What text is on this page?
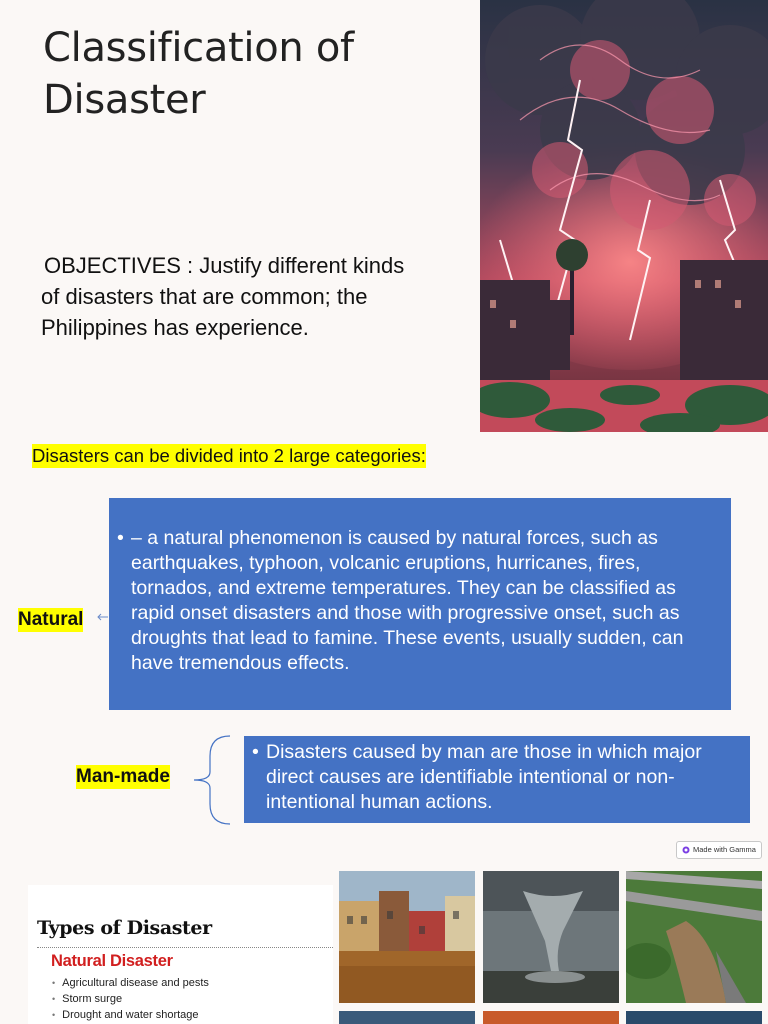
Classification of Disaster
OBJECTIVES : Justify different kinds
of disasters that are common; the
Philippines has experience.
Disasters can be divided into 2 large categories:
Natural
• – a natural phenomenon is caused by natural forces, such as
earthquakes, typhoon, volcanic eruptions, hurricanes, fires,
tornados, and extreme temperatures. They can be classified as
rapid onset disasters and those with progressive onset, such as
droughts that lead to famine. These events, usually sudden, can
have tremendous effects.
Man-made
• Disasters caused by man are those in which major
direct causes are identifiable intentional or non-
intentional human actions.
Made with Gamma
Types of Disaster
Natural Disaster
• Agricultural disease and pests
• Storm surge
• Drought and water shortage
